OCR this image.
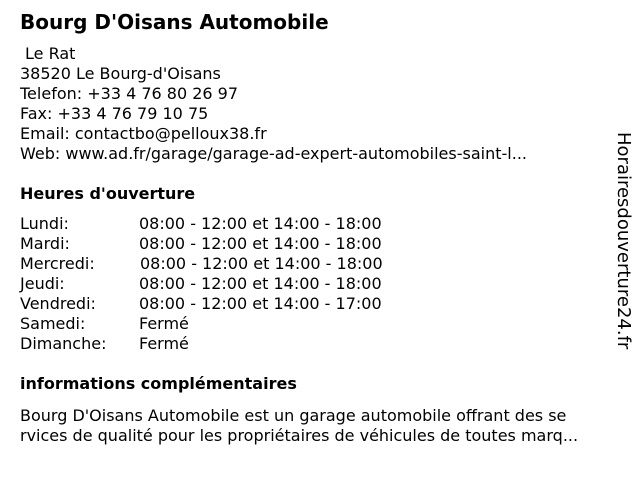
Bourg D'Oisans Automobile
Le Rat
38520 Le Bourg-d'Oisans
Telefon: +33 4 76 80 26 97
Fax: +33 4 76 79 10 75
Email: contactbo@pelloux38.fr
Web: www.ad.fr/garage/garage-ad-expert-automobiles-saint-l...
Heures d'ouverture
Lundi:	08:00 - 12:00 et 14:00 - 18:00
Mardi:	08:00 - 12:00 et 14:00 - 18:00
Mercredi:	08:00 - 12:00 et 14:00 - 18:00
Jeudi:	08:00 - 12:00 et 14:00 - 18:00
Vendredi:	08:00 - 12:00 et 14:00 - 17:00
Samedi:	Fermé
Dimanche: Fermé
informations complémentaires
Bourg D'Oisans Automobile est un garage automobile offrant des se
rvices de qualité pour les propriétaires de véhicules de toutes marq...
Horairesdouverture24.fr
